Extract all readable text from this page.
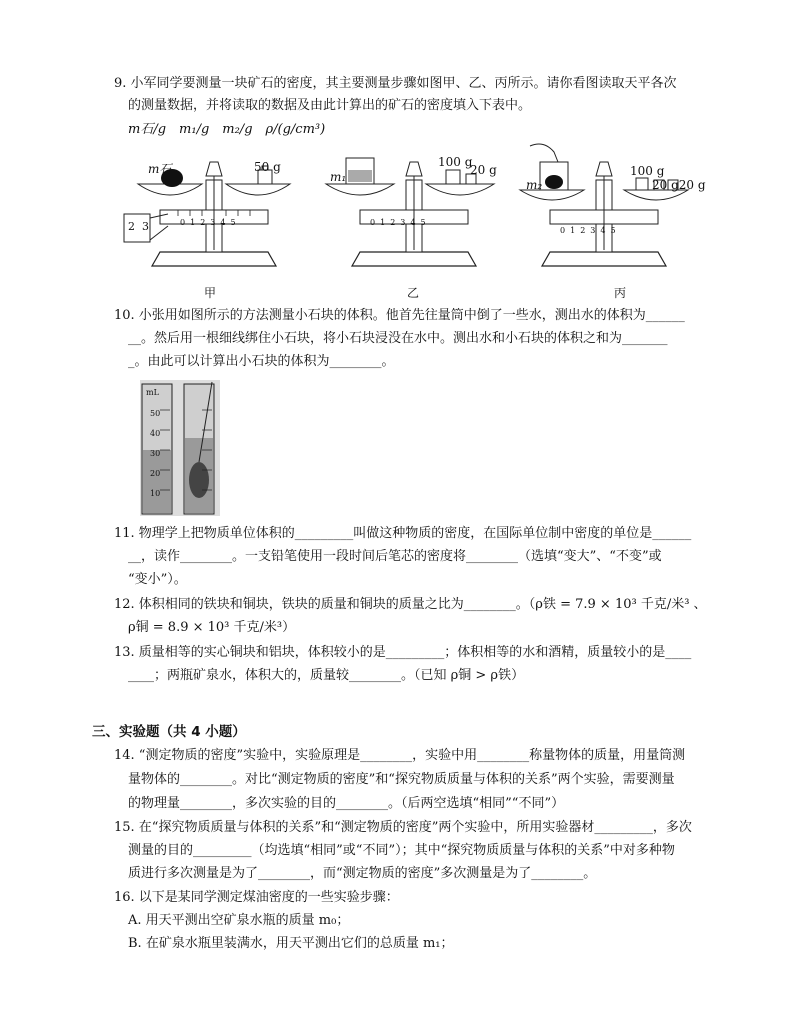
9. 小军同学要测量一块矿石的密度，其主要测量步骤如图甲、乙、丙所示。请你看图读取天平各次
的测量数据，并将读取的数据及由此计算出的矿石的密度填入下表中。
m石/g　m₁/g　m₂/g　ρ/(g/cm³)
m石	50 g
m₁
100 g
20 g
m₂
100 g
20 g20 g
012345	012345
012345
2 3
甲	乙	丙
10. 小张用如图所示的方法测量小石块的体积。他首先往量筒中倒了一些水，测出水的体积为______
__。然后用一根细线绑住小石块，将小石块浸没在水中。测出水和小石块的体积之和为_______
_。由此可以计算出小石块的体积为________。
mL
50
40
30
20
10
11. 物理学上把物质单位体积的_________叫做这种物质的密度，在国际单位制中密度的单位是______
__，读作________。一支铅笔使用一段时间后笔芯的密度将________（选填“变大”、“不变”或
“变小”）。
12. 体积相同的铁块和铜块，铁块的质量和铜块的质量之比为________。（ρ铁 = 7.9 × 10³ 千克/米³ 、
ρ铜 = 8.9 × 10³ 千克/米³）
13. 质量相等的实心铜块和铝块，体积较小的是_________；体积相等的水和酒精，质量较小的是____
____；两瓶矿泉水，体积大的，质量较________。（已知 ρ铜 > ρ铁）
三、实验题（共 4 小题）
14. “测定物质的密度”实验中，实验原理是________，实验中用________称量物体的质量，用量筒测
量物体的________。对比“测定物质的密度”和“探究物质质量与体积的关系”两个实验，需要测量
的物理量________，多次实验的目的________。（后两空选填“相同”“不同”）
15. 在“探究物质质量与体积的关系”和“测定物质的密度”两个实验中，所用实验器材_________，多次
测量的目的_________（均选填“相同”或“不同”）；其中“探究物质质量与体积的关系”中对多种物
质进行多次测量是为了________，而“测定物质的密度”多次测量是为了________。
16. 以下是某同学测定煤油密度的一些实验步骤：
A. 用天平测出空矿泉水瓶的质量 m₀；
B. 在矿泉水瓶里装满水，用天平测出它们的总质量 m₁；
